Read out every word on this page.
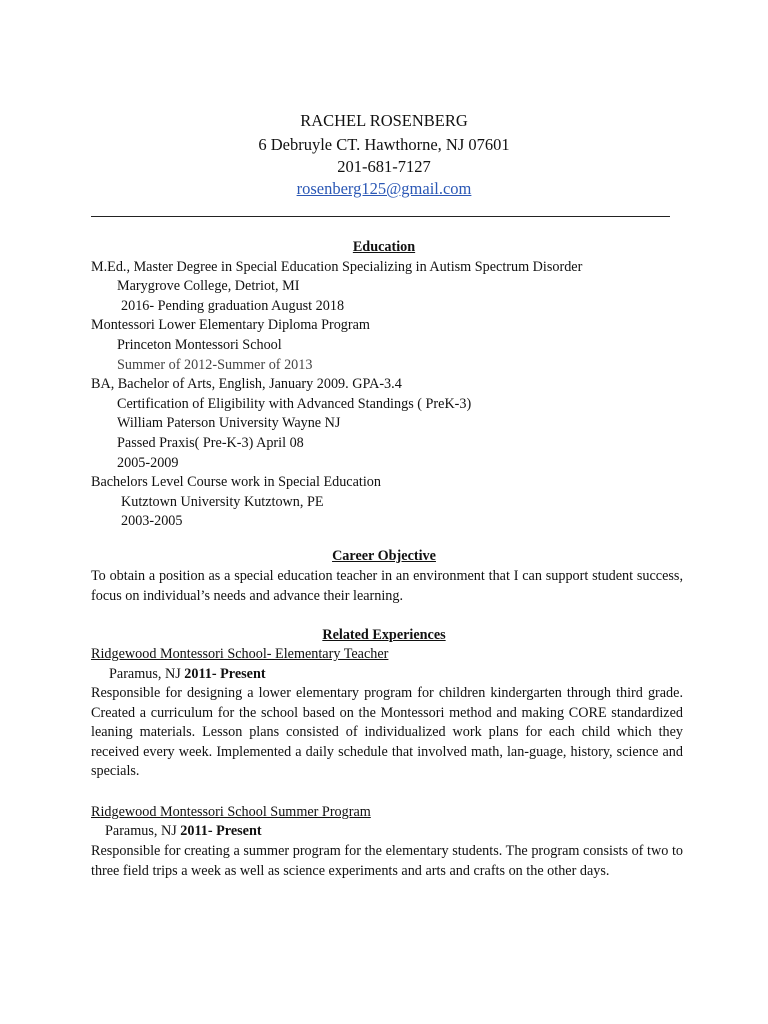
RACHEL ROSENBERG
6 Debruyle CT. Hawthorne, NJ 07601
201-681-7127
rosenberg125@gmail.com
Education
M.Ed., Master Degree in Special Education Specializing in Autism Spectrum Disorder
Marygrove College, Detriot, MI
2016- Pending graduation August 2018
Montessori Lower Elementary Diploma Program
Princeton Montessori School
Summer of 2012-Summer of 2013
BA, Bachelor of Arts, English, January 2009. GPA-3.4
Certification of Eligibility with Advanced Standings ( PreK-3)
William Paterson University Wayne NJ
Passed Praxis( Pre-K-3) April 08
2005-2009
Bachelors Level Course work in Special Education
Kutztown University Kutztown, PE
2003-2005
Career Objective
To obtain a position as a special education teacher in an environment that I can support student success, focus on individual’s needs and advance their learning.
Related Experiences
Ridgewood Montessori School- Elementary Teacher
Paramus, NJ 2011- Present
Responsible for designing a lower elementary program for children kindergarten through third grade. Created a curriculum for the school based on the Montessori method and making CORE standardized leaning materials. Lesson plans consisted of individualized work plans for each child which they received every week. Implemented a daily schedule that involved math, lan-guage, history, science and specials.
Ridgewood Montessori School Summer Program
Paramus, NJ 2011- Present
Responsible for creating a summer program for the elementary students. The program consists of two to three field trips a week as well as science experiments and arts and crafts on the other days.
